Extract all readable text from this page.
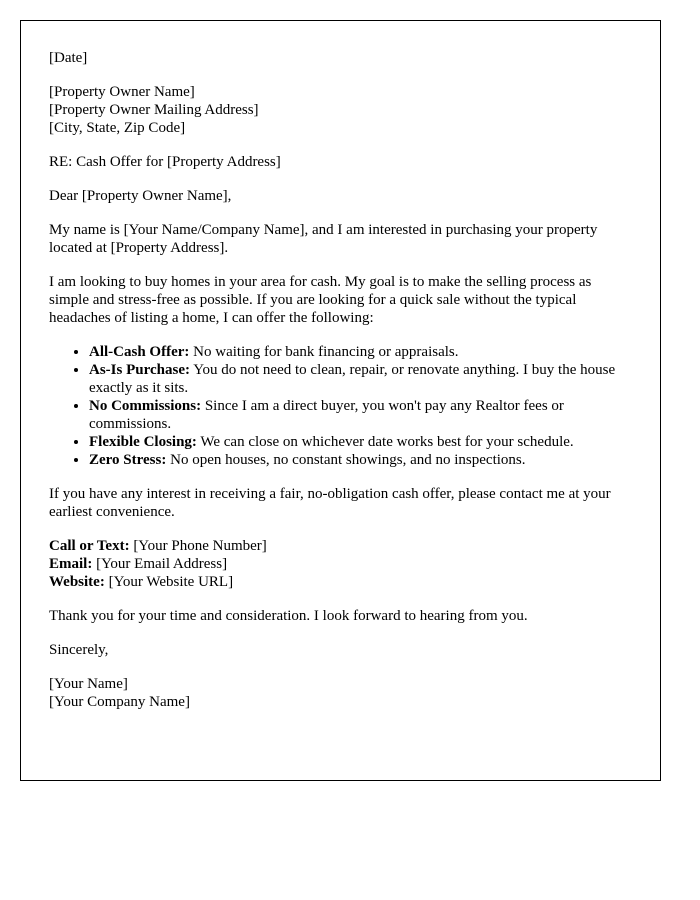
[Date]

[Property Owner Name]
[Property Owner Mailing Address]
[City, State, Zip Code]

RE: Cash Offer for [Property Address]

Dear [Property Owner Name],

My name is [Your Name/Company Name], and I am interested in purchasing your property located at [Property Address].

I am looking to buy homes in your area for cash. My goal is to make the selling process as simple and stress-free as possible. If you are looking for a quick sale without the typical headaches of listing a home, I can offer the following:

• All-Cash Offer: No waiting for bank financing or appraisals.
• As-Is Purchase: You do not need to clean, repair, or renovate anything. I buy the house exactly as it sits.
• No Commissions: Since I am a direct buyer, you won't pay any Realtor fees or commissions.
• Flexible Closing: We can close on whichever date works best for your schedule.
• Zero Stress: No open houses, no constant showings, and no inspections.

If you have any interest in receiving a fair, no-obligation cash offer, please contact me at your earliest convenience.

Call or Text: [Your Phone Number]
Email: [Your Email Address]
Website: [Your Website URL]

Thank you for your time and consideration. I look forward to hearing from you.

Sincerely,

[Your Name]
[Your Company Name]
